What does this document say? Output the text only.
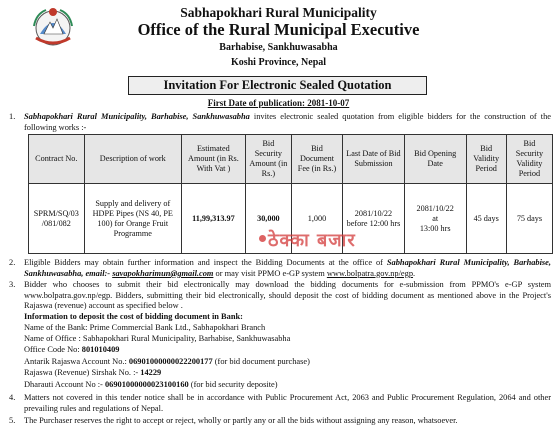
Sabhapokhari Rural Municipality
Office of the Rural Municipal Executive
Barhabise, Sankhuwasabha
Koshi Province, Nepal
Invitation For Electronic Sealed Quotation
First Date of publication: 2081-10-07
1. Sabhapokhari Rural Municipality, Barhabise, Sankhuwasabha invites electronic sealed quotation from eligible bidders for the construction of the following works :-
Contract No.	Description of work	Estimated Amount (in Rs. With Vat )	Bid Security Amount (in Rs.)	Bid Document Fee (in Rs.)	Last Date of Bid Submission	Bid Opening Date	Bid Validity Period	Bid Security Validity Period
SPRM/SQ/03 /081/082	Supply and delivery of HDPE Pipes (NS 40, PE 100) for Orange Fruit Programme	11,99,313.97	30,000	1,000	2081/10/22 before 12:00 hrs	2081/10/22
at
13:00 hrs	45 days	75 days
ठेक्का बजार
2. Eligible Bidders may obtain further information and inspect the Bidding Documents at the office of Sabhapokhari Rural Municipality, Barhabise, Sankhuwasabha, email:- savapokharimun@gmail.com or may visit PPMO e-GP system www.bolpatra.gov.np/egp.
3. Bidder who chooses to submit their bid electronically may download the bidding documents for e-submission from PPMO's e-GP system www.bolpatra.gov.np/egp. Bidders, submitting their bid electronically, should deposit the cost of bidding document as mentioned above in the Project's Rajaswa (revenue) account as specified below .
Information to deposit the cost of bidding document in Bank:
Name of the Bank: Prime Commercial Bank Ltd., Sabhapokhari Branch
Name of Office : Sabhapokhari Rural Municipality, Barhabise, Sankhuwasabha
Office Code No: 801010409
Antarik Rajaswa Account No.: 06901000000022200177 (for bid document purchase)
Rajaswa (Revenue) Sirshak No. :- 14229
Dharauti Account No :- 06901000000023100160 (for bid security deposite)
4. Matters not covered in this tender notice shall be in accordance with Public Procurement Act, 2063 and Public Procurement Regulation, 2064 and other prevailing rules and regulations of Nepal.
5. The Purchaser reserves the right to accept or reject, wholly or partly any or all the bids without assigning any reason, whatsoever.
